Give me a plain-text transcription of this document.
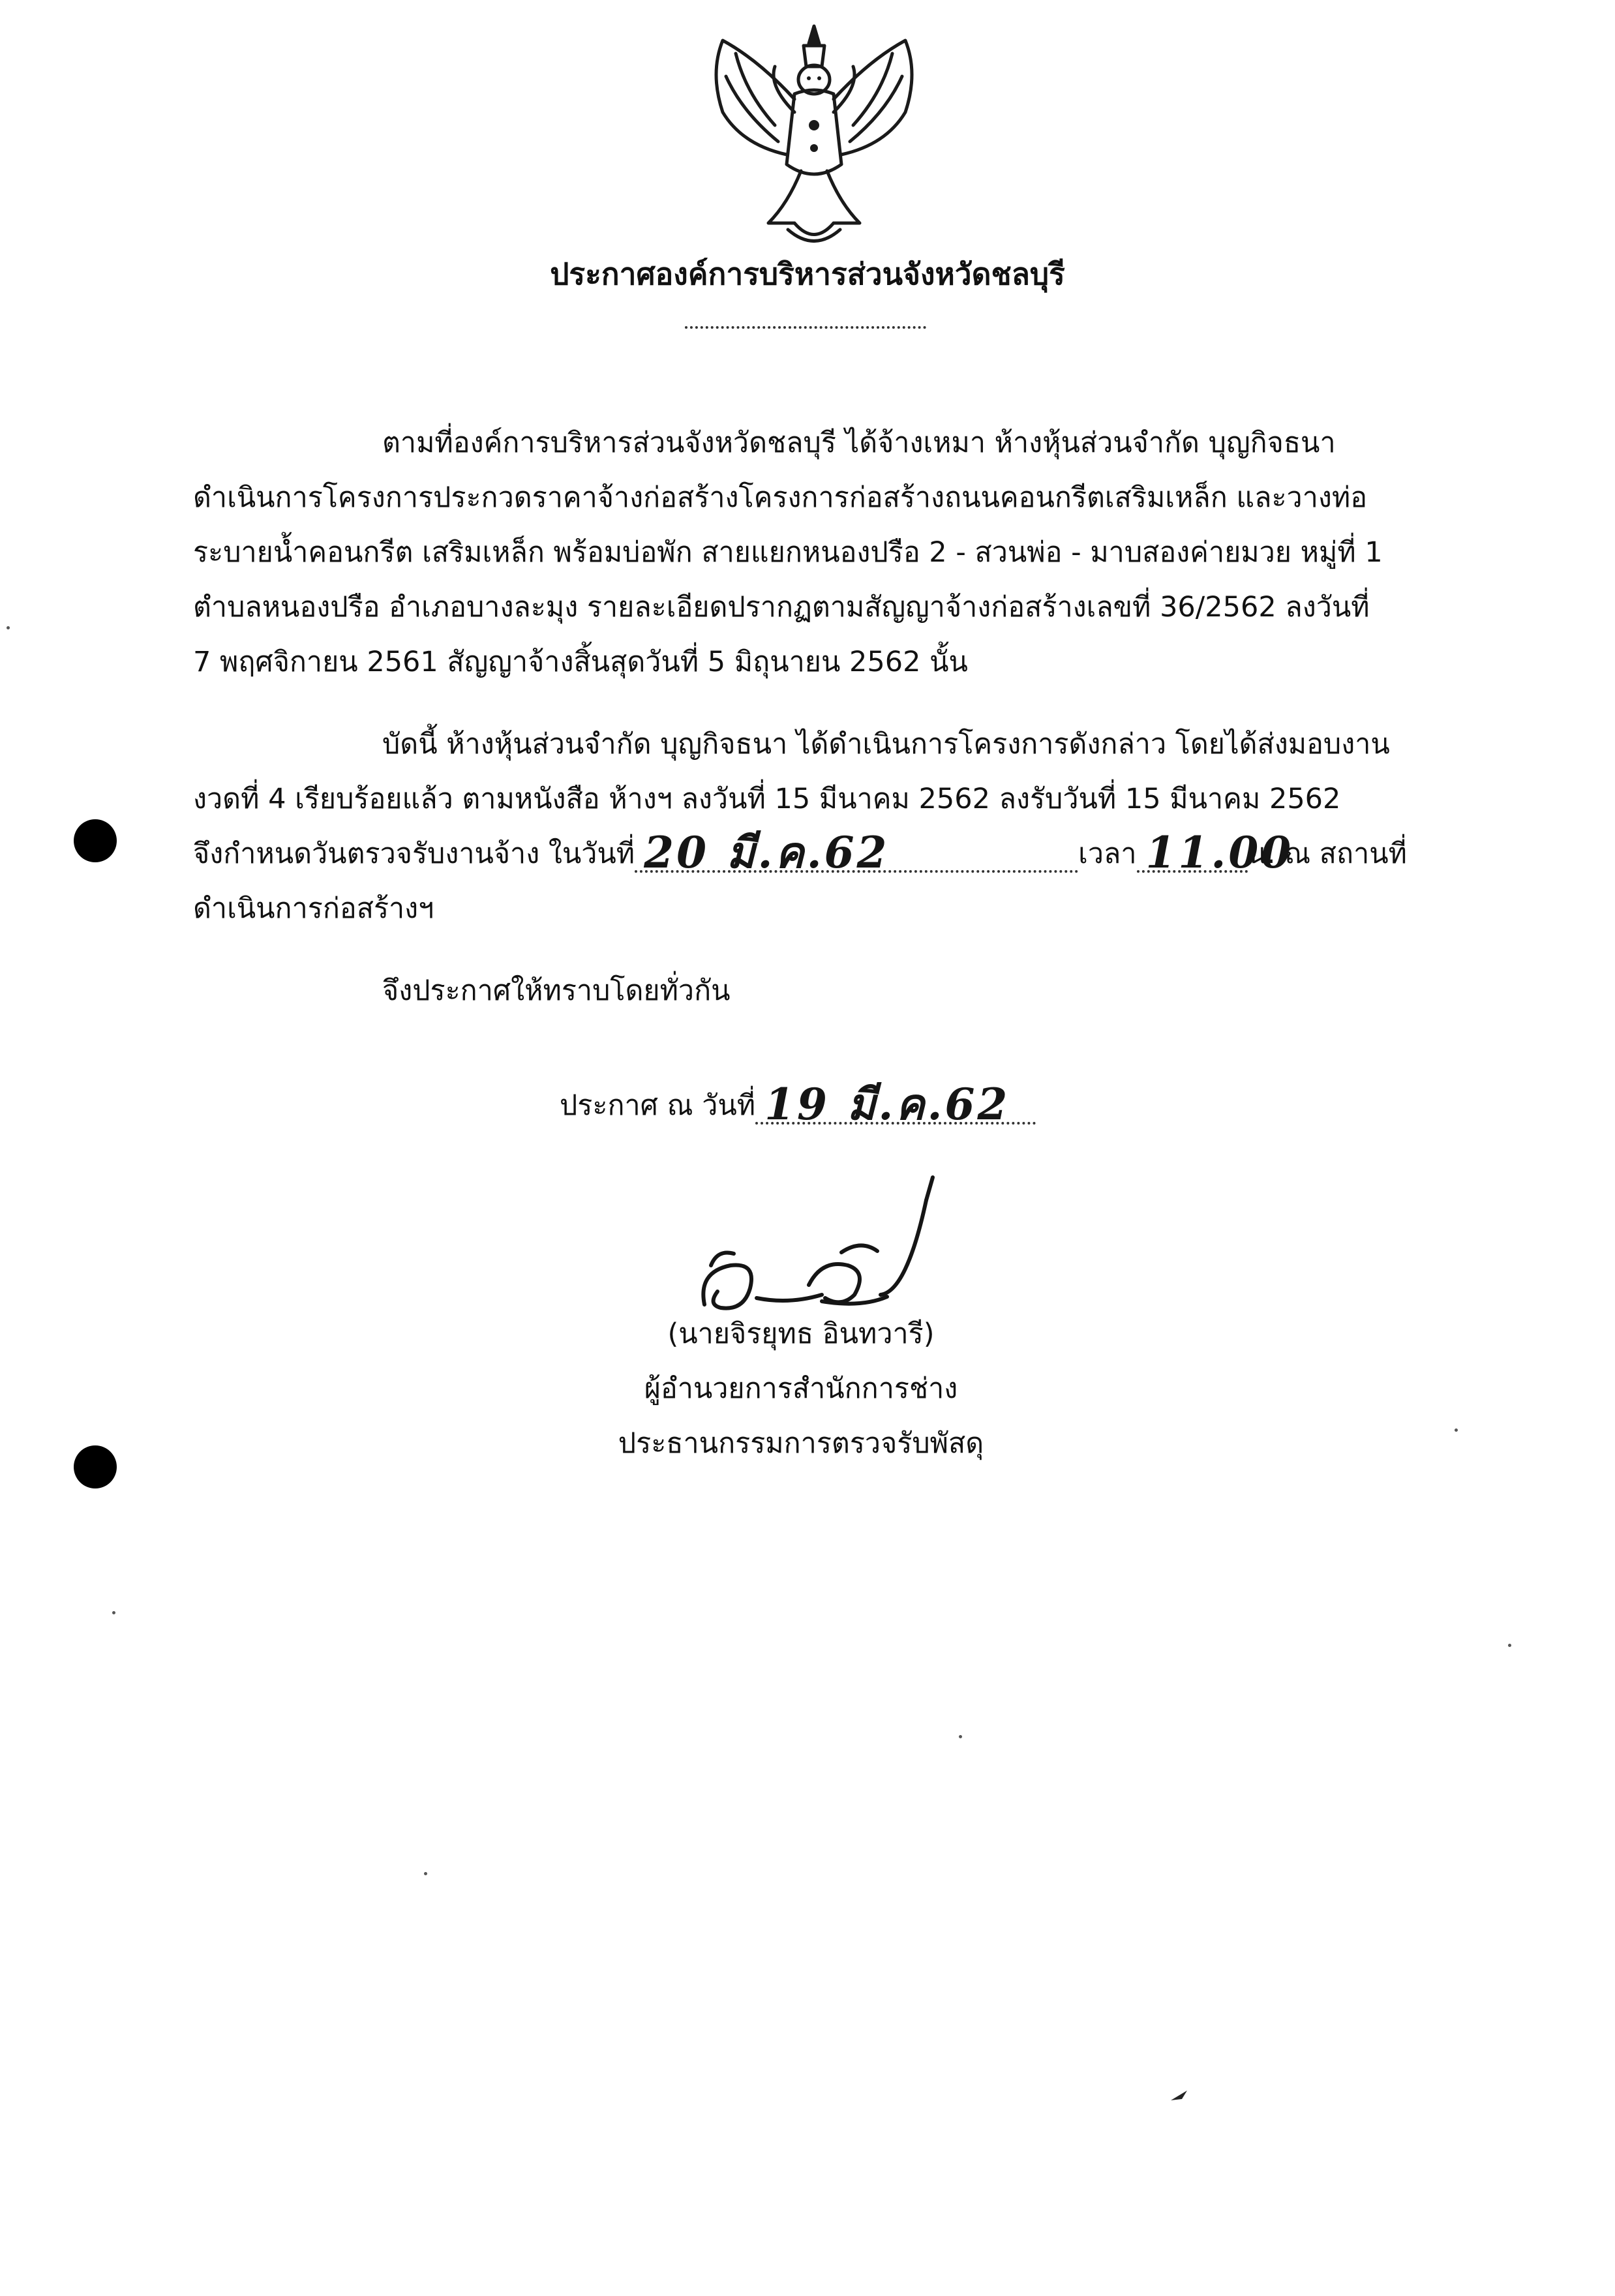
ประกาศองค์การบริหารส่วนจังหวัดชลบุรี
ตามที่องค์การบริหารส่วนจังหวัดชลบุรี ได้จ้างเหมา ห้างหุ้นส่วนจำกัด บุญกิจธนา
ดำเนินการโครงการประกวดราคาจ้างก่อสร้างโครงการก่อสร้างถนนคอนกรีตเสริมเหล็ก และวางท่อ
ระบายน้ำคอนกรีต เสริมเหล็ก พร้อมบ่อพัก สายแยกหนองปรือ 2 - สวนพ่อ - มาบสองค่ายมวย หมู่ที่ 1
ตำบลหนองปรือ อำเภอบางละมุง รายละเอียดปรากฏตามสัญญาจ้างก่อสร้างเลขที่ 36/2562 ลงวันที่
7 พฤศจิกายน 2561 สัญญาจ้างสิ้นสุดวันที่ 5 มิถุนายน 2562 นั้น
บัดนี้ ห้างหุ้นส่วนจำกัด บุญกิจธนา ได้ดำเนินการโครงการดังกล่าว โดยได้ส่งมอบงาน
งวดที่ 4 เรียบร้อยแล้ว ตามหนังสือ ห้างฯ ลงวันที่ 15 มีนาคม 2562 ลงรับวันที่ 15 มีนาคม 2562
จึงกำหนดวันตรวจรับงานจ้าง ในวันที่ 20 มี.ค.62	เวลา 11.00
น. ณ สถานที่
ดำเนินการก่อสร้างฯ
จึงประกาศให้ทราบโดยทั่วกัน
ประกาศ ณ วันที่ 19 มี.ค.62
(นายจิรยุทธ อินทวารี)
ผู้อำนวยการสำนักการช่าง
ประธานกรรมการตรวจรับพัสดุ
